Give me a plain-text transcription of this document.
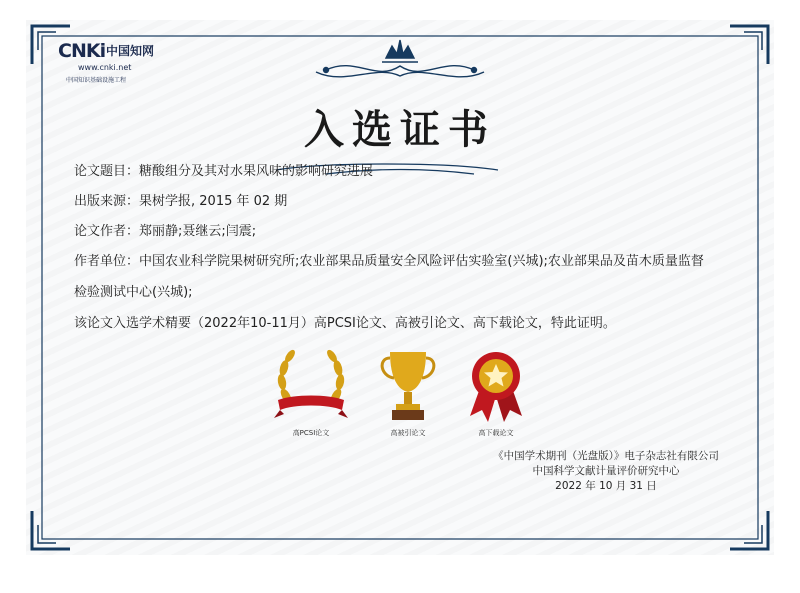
CNKi 中国知网
www.cnki.net
中国知识基础设施工程
入选证书
论文题目：糖酸组分及其对水果风味的影响研究进展
出版来源：果树学报, 2015 年 02 期
论文作者：郑丽静;聂继云;闫震;
作者单位：中国农业科学院果树研究所;农业部果品质量安全风险评估实验室(兴城);农业部果品及苗木质量监督
检验测试中心(兴城);
该论文入选学术精要（2022年10-11月）高PCSI论文、高被引论文、高下载论文，特此证明。
高PCSI论文	高被引论文	高下载论文
《中国学术期刊（光盘版）》电子杂志社有限公司
中国科学文献计量评价研究中心
2022 年 10 月 31 日
